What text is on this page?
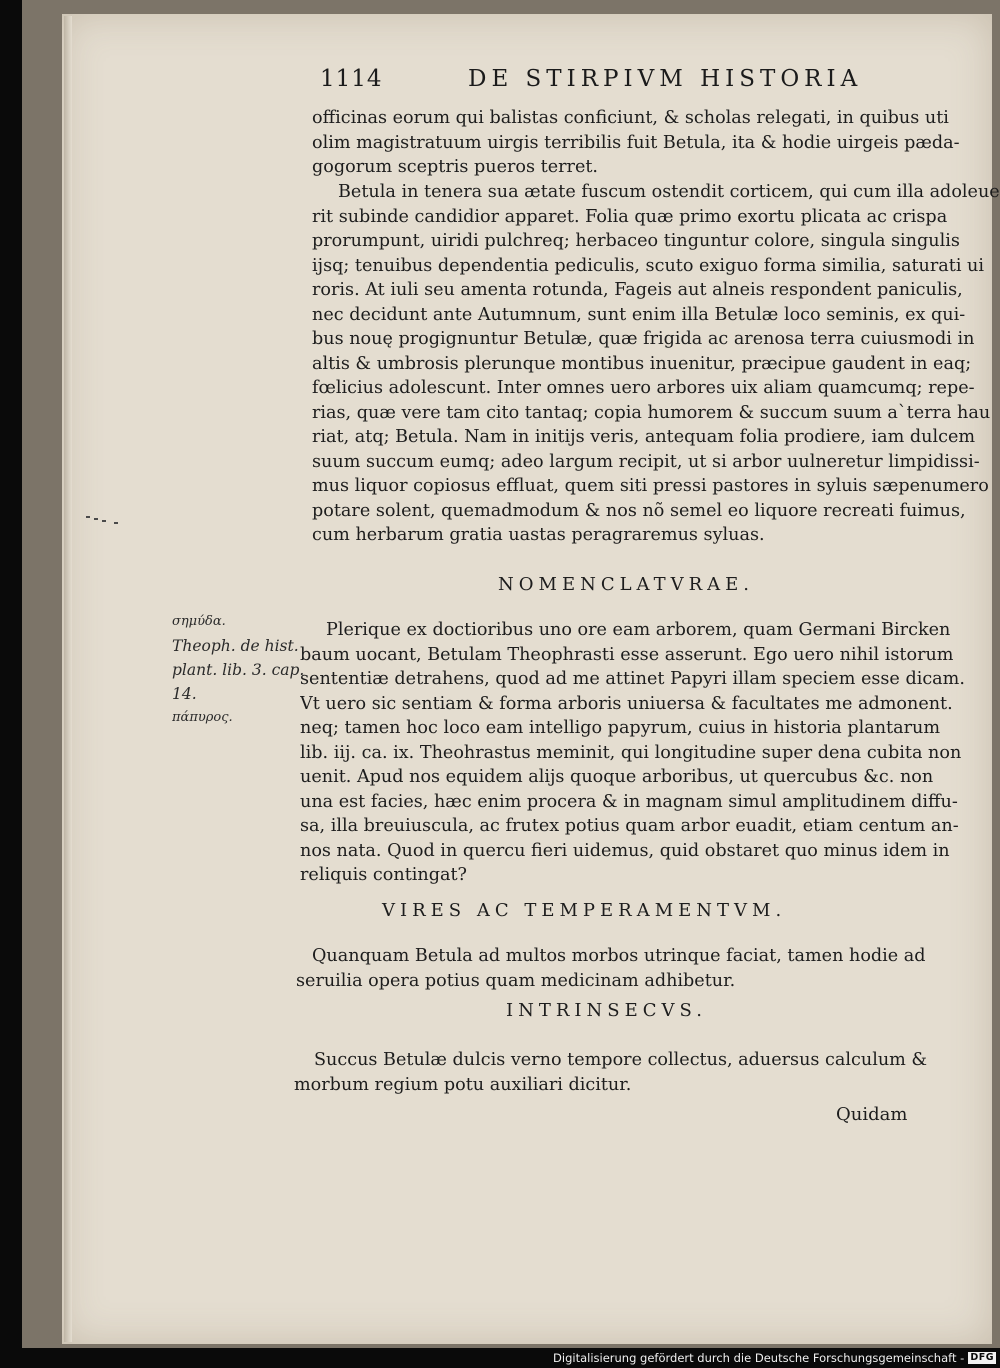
1114	DE STIRPIVM HISTORIA
officinas eorum qui balistas conficiunt, & scholas relegati, in quibus uti
olim magistratuum uirgis terribilis fuit Betula, ita & hodie uirgeis pæda-
gogorum sceptris pueros terret.
Betula in tenera sua ætate fuscum ostendit corticem, qui cum illa adoleue
rit subinde candidior apparet. Folia quæ primo exortu plicata ac crispa
prorumpunt, uiridi pulchreq; herbaceo tinguntur colore, singula singulis
ijsq; tenuibus dependentia pediculis, scuto exiguo forma similia, saturati ui
roris. At iuli seu amenta rotunda, Fageis aut alneis respondent paniculis,
nec decidunt ante Autumnum, sunt enim illa Betulæ loco seminis, ex qui-
bus nouę progignuntur Betulæ, quæ frigida ac arenosa terra cuiusmodi in
altis & umbrosis plerunque montibus inuenitur, præcipue gaudent in eaq;
fœlicius adolescunt. Inter omnes uero arbores uix aliam quamcumq; repe-
rias, quæ vere tam cito tantaq; copia humorem & succum suum a`terra hau
riat, atq; Betula. Nam in initijs veris, antequam folia prodiere, iam dulcem
suum succum eumq; adeo largum recipit, ut si arbor uulneretur limpidissi-
mus liquor copiosus effluat, quem siti pressi pastores in syluis sæpenumero
potare solent, quemadmodum & nos nõ semel eo liquore recreati fuimus,
cum herbarum gratia uastas peragraremus syluas.
NOMENCLATVRAE.
σημύδα.
Theoph. de hist.
plant. lib. 3. cap.
14.
πάπυρος.
Plerique ex doctioribus uno ore eam arborem, quam Germani Bircken
baum uocant, Betulam Theophrasti esse asserunt. Ego uero nihil istorum
sententiæ detrahens, quod ad me attinet Papyri illam speciem esse dicam.
Vt uero sic sentiam & forma arboris uniuersa & facultates me admonent.
neq; tamen hoc loco eam intelligo papyrum, cuius in historia plantarum
lib. iij. ca. ix. Theohrastus meminit, qui longitudine super dena cubita non
uenit. Apud nos equidem alijs quoque arboribus, ut quercubus &c. non
una est facies, hæc enim procera & in magnam simul amplitudinem diffu-
sa, illa breuiuscula, ac frutex potius quam arbor euadit, etiam centum an-
nos nata. Quod in quercu fieri uidemus, quid obstaret quo minus idem in
reliquis contingat?
VIRES AC TEMPERAMENTVM.
Quanquam Betula ad multos morbos utrinque faciat, tamen hodie ad
seruilia opera potius quam medicinam adhibetur.
INTRINSECVS.
Succus Betulæ dulcis verno tempore collectus, aduersus calculum &
morbum regium potu auxiliari dicitur.
Quidam
Digitalisierung gefördert durch die Deutsche Forschungsgemeinschaft - DFG
